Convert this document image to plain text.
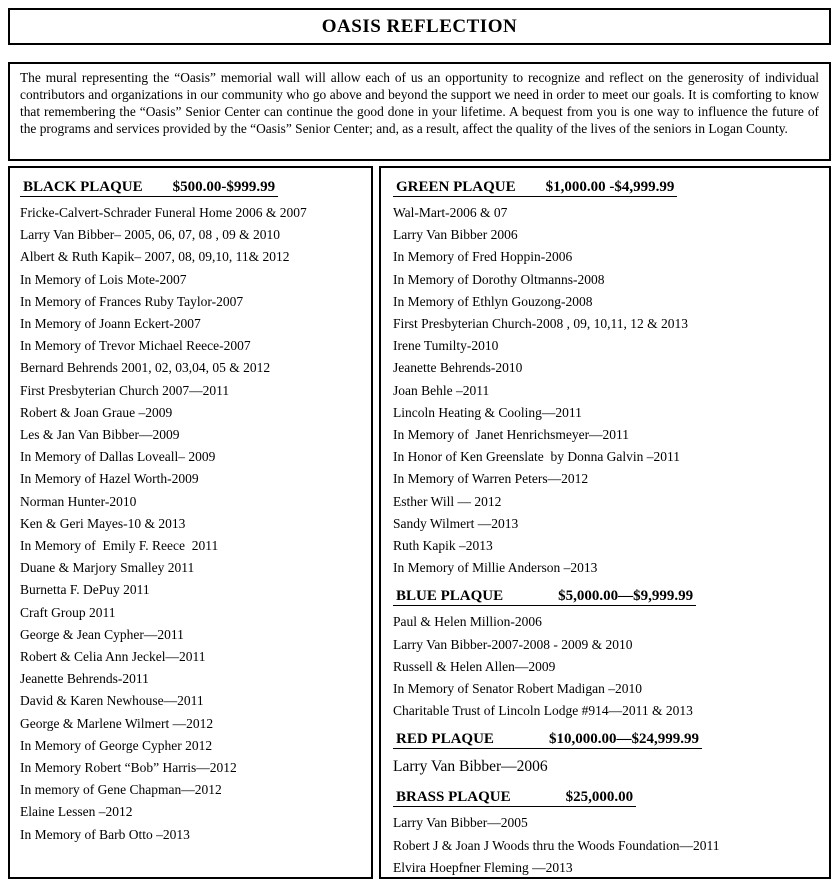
OASIS REFLECTION

The mural representing the “Oasis” memorial wall will allow each of us an opportunity to recognize and reflect on the generosity of individual contributors and organizations in our community who go above and beyond the support we need in order to meet our goals. It is comforting to know that remembering the “Oasis” Senior Center can continue the good done in your lifetime. A bequest from you is one way to influence the future of the programs and services provided by the “Oasis” Senior Center; and, as a result, affect the quality of the lives of the seniors in Logan County.

BLACK PLAQUE $500.00-$999.99
Fricke-Calvert-Schrader Funeral Home 2006 & 2007
Larry Van Bibber– 2005, 06, 07, 08 , 09 & 2010
Albert & Ruth Kapik– 2007, 08, 09,10, 11& 2012
In Memory of Lois Mote-2007
In Memory of Frances Ruby Taylor-2007
In Memory of Joann Eckert-2007
In Memory of Trevor Michael Reece-2007
Bernard Behrends 2001, 02, 03,04, 05 & 2012
First Presbyterian Church 2007—2011
Robert & Joan Graue –2009
Les & Jan Van Bibber—2009
In Memory of Dallas Loveall– 2009
In Memory of Hazel Worth-2009
Norman Hunter-2010
Ken & Geri Mayes-10 & 2013
In Memory of  Emily F. Reece  2011
Duane & Marjory Smalley 2011
Burnetta F. DePuy 2011
Craft Group 2011
George & Jean Cypher—2011
Robert & Celia Ann Jeckel—2011
Jeanette Behrends-2011
David & Karen Newhouse—2011
George & Marlene Wilmert —2012
In Memory of George Cypher 2012
In Memory Robert “Bob” Harris—2012
In memory of Gene Chapman—2012
Elaine Lessen –2012
In Memory of Barb Otto –2013
GREEN PLAQUE $1,000.00 -$4,999.99
Wal-Mart-2006 & 07
Larry Van Bibber 2006
In Memory of Fred Hoppin-2006
In Memory of Dorothy Oltmanns-2008
In Memory of Ethlyn Gouzong-2008
First Presbyterian Church-2008 , 09, 10,11, 12 & 2013
Irene Tumilty-2010
Jeanette Behrends-2010
Joan Behle –2011
Lincoln Heating & Cooling—2011
In Memory of  Janet Henrichsmeyer—2011
In Honor of Ken Greenslate  by Donna Galvin –2011
In Memory of Warren Peters—2012
Esther Will — 2012
Sandy Wilmert —2013
Ruth Kapik –2013
In Memory of Millie Anderson –2013
BLUE PLAQUE	$5,000.00—$9,999.99
Paul & Helen Million-2006
Larry Van Bibber-2007-2008 - 2009 & 2010
Russell & Helen Allen—2009
In Memory of Senator Robert Madigan –2010
Charitable Trust of Lincoln Lodge #914—2011 & 2013
RED PLAQUE	$10,000.00—$24,999.99
Larry Van Bibber—2006
BRASS PLAQUE	$25,000.00
Larry Van Bibber—2005
Robert J & Joan J Woods thru the Woods Foundation—2011
Elvira Hoepfner Fleming —2013
